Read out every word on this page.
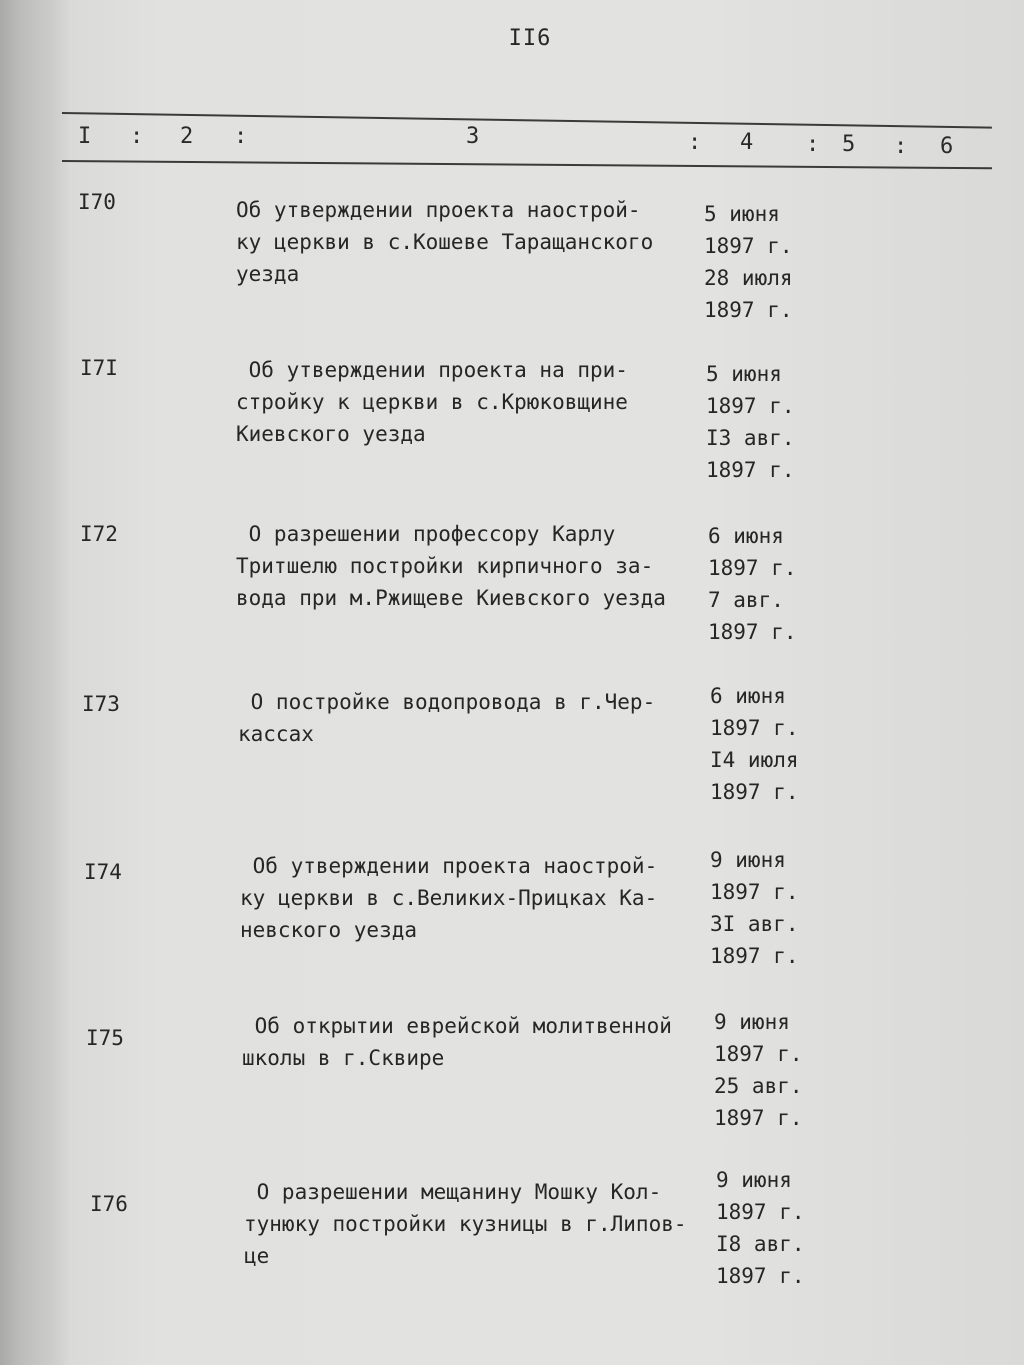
II6
I : 2 :	3	: 4 : 5 : 6
I70	Об утверждении проекта наострой-
ку церкви в с.Кошеве Таращанского
уезда
5 июня
1897 г.
28 июля
1897 г.
I7I	Об утверждении проекта на при-
стройку к церкви в с.Крюковщине
Киевского уезда
5 июня
1897 г.
I3 авг.
1897 г.
I72	О разрешении профессору Карлу
Тритшелю постройки кирпичного за-
вода при м.Ржищеве Киевского уезда
6 июня
1897 г.
7 авг.
1897 г.
I73	О постройке водопровода в г.Чер-
кассах
6 июня
1897 г.
I4 июля
1897 г.
I74	Об утверждении проекта наострой-
ку церкви в с.Великих-Прицках Ка-
невского уезда
9 июня
1897 г.
3I авг.
1897 г.
I75	Об открытии еврейской молитвенной
школы в г.Сквире
9 июня
1897 г.
25 авг.
1897 г.
I76	О разрешении мещанину Мошку Кол-
тунюку постройки кузницы в г.Липов-
це
9 июня
1897 г.
I8 авг.
1897 г.
